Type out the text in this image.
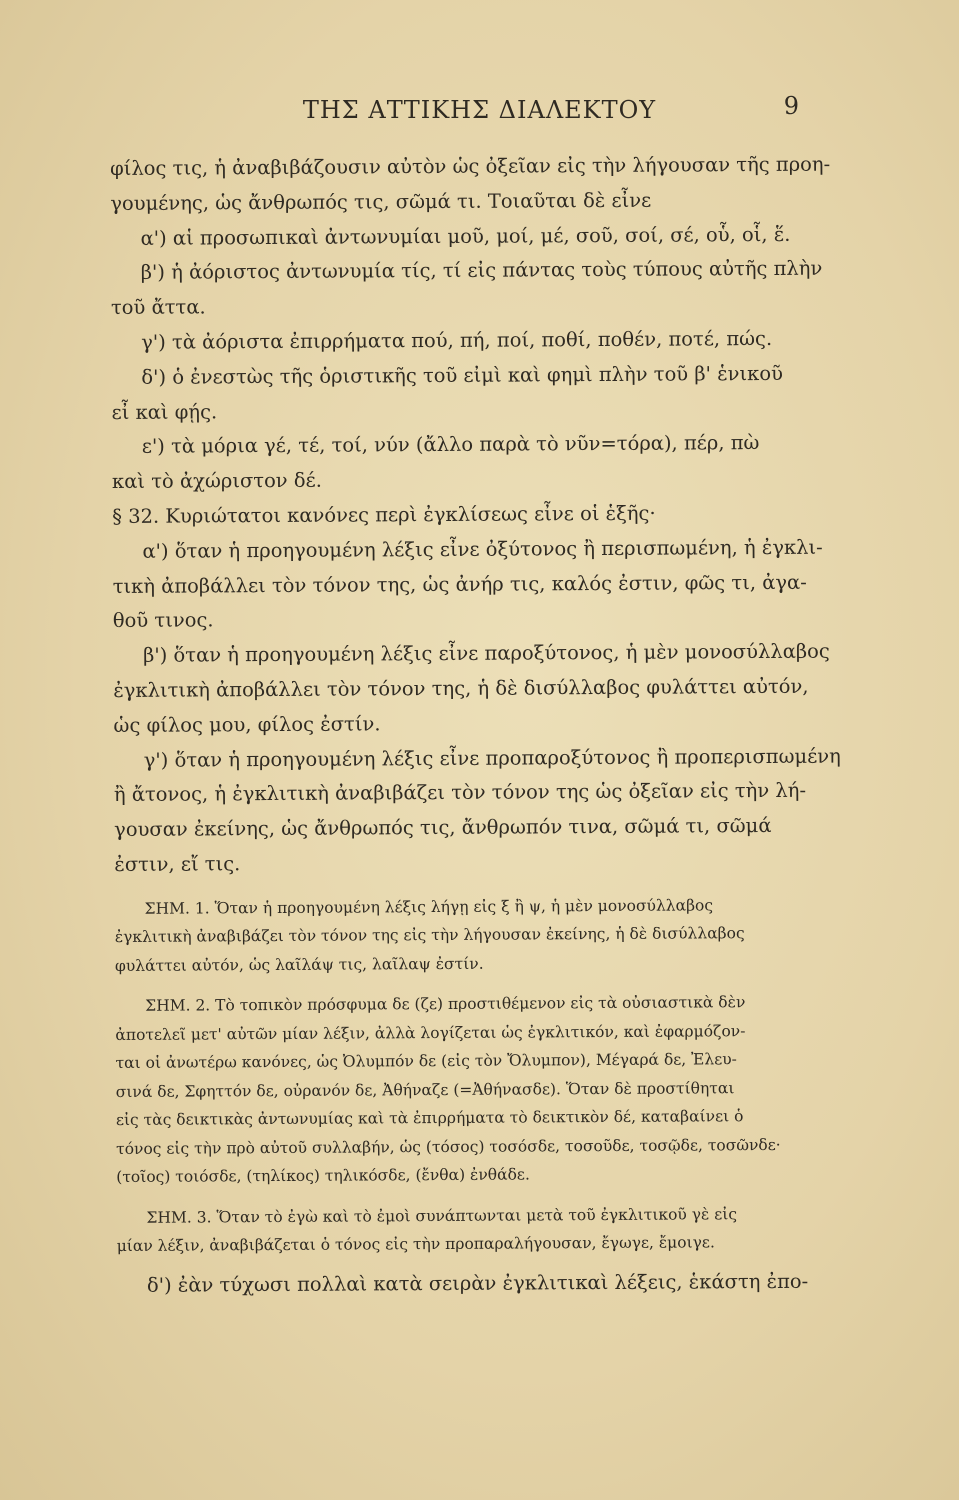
ΤΗΣ ΑΤΤΙΚΗΣ ΔΙΑΛΕΚΤΟΥ	9
φίλος τις, ἡ ἀναβιβάζουσιν αὐτὸν ὡς ὀξεῖαν εἰς τὴν λήγουσαν τῆς προη-
γουμένης, ὡς ἄνθρωπός τις, σῶμά τι. Τοιαῦται δὲ εἶνε
α') αἱ προσωπικαὶ ἀντωνυμίαι μοῦ, μοί, μέ, σοῦ, σοί, σέ, οὗ, οἷ, ἕ.
β') ἡ ἀόριστος ἀντωνυμία τίς, τί εἰς πάντας τοὺς τύπους αὐτῆς πλὴν
τοῦ ἄττα.
γ') τὰ ἀόριστα ἐπιρρήματα πού, πή, ποί, ποθί, ποθέν, ποτέ, πώς.
δ') ὁ ἐνεστὼς τῆς ὁριστικῆς τοῦ εἰμὶ καὶ φημὶ πλὴν τοῦ β' ἑνικοῦ
εἶ καὶ φῄς.
ε') τὰ μόρια γέ, τέ, τοί, νύν (ἄλλο παρὰ τὸ νῦν=τόρα), πέρ, πὼ
καὶ τὸ ἀχώριστον δέ.
§ 32. Κυριώτατοι κανόνες περὶ ἐγκλίσεως εἶνε οἱ ἑξῆς·
α') ὅταν ἡ προηγουμένη λέξις εἶνε ὀξύτονος ἢ περισπωμένη, ἡ ἐγκλι-
τικὴ ἀποβάλλει τὸν τόνον της, ὡς ἀνήρ τις, καλός ἐστιν, φῶς τι, ἀγα-
θοῦ τινος.
β') ὅταν ἡ προηγουμένη λέξις εἶνε παροξύτονος, ἡ μὲν μονοσύλλαβος
ἐγκλιτικὴ ἀποβάλλει τὸν τόνον της, ἡ δὲ δισύλλαβος φυλάττει αὐτόν,
ὡς φίλος μου, φίλος ἐστίν.
γ') ὅταν ἡ προηγουμένη λέξις εἶνε προπαροξύτονος ἢ προπερισπωμένη
ἢ ἄτονος, ἡ ἐγκλιτικὴ ἀναβιβάζει τὸν τόνον της ὡς ὀξεῖαν εἰς τὴν λή-
γουσαν ἐκείνης, ὡς ἄνθρωπός τις, ἄνθρωπόν τινα, σῶμά τι, σῶμά
ἐστιν, εἴ τις.
ΣΗΜ. 1. Ὅταν ἡ προηγουμένη λέξις λήγῃ εἰς ξ ἢ ψ, ἡ μὲν μονοσύλλαβος
ἐγκλιτικὴ ἀναβιβάζει τὸν τόνον της εἰς τὴν λήγουσαν ἐκείνης, ἡ δὲ δισύλλαβος
φυλάττει αὐτόν, ὡς λαῖλάψ τις, λαῖλαψ ἐστίν.
ΣΗΜ. 2. Τὸ τοπικὸν πρόσφυμα δε (ζε) προστιθέμενον εἰς τὰ οὐσιαστικὰ δὲν
ἀποτελεῖ μετ' αὐτῶν μίαν λέξιν, ἀλλὰ λογίζεται ὡς ἐγκλιτικόν, καὶ ἐφαρμόζον-
ται οἱ ἀνωτέρω κανόνες, ὡς Ὀλυμπόν δε (εἰς τὸν Ὄλυμπον), Μέγαρά δε, Ἐλευ-
σινά δε, Σφηττόν δε, οὐρανόν δε, Ἀθήναζε (=Ἀθήνασδε). Ὅταν δὲ προστίθηται
εἰς τὰς δεικτικὰς ἀντωνυμίας καὶ τὰ ἐπιρρήματα τὸ δεικτικὸν δέ, καταβαίνει ὁ
τόνος εἰς τὴν πρὸ αὐτοῦ συλλαβήν, ὡς (τόσος) τοσόσδε, τοσοῦδε, τοσῷδε, τοσῶνδε·
(τοῖος) τοιόσδε, (τηλίκος) τηλικόσδε, (ἔνθα) ἐνθάδε.
ΣΗΜ. 3. Ὅταν τὸ ἐγὼ καὶ τὸ ἐμοὶ συνάπτωνται μετὰ τοῦ ἐγκλιτικοῦ γὲ εἰς
μίαν λέξιν, ἀναβιβάζεται ὁ τόνος εἰς τὴν προπαραλήγουσαν, ἔγωγε, ἔμοιγε.
δ') ἐὰν τύχωσι πολλαὶ κατὰ σειρὰν ἐγκλιτικαὶ λέξεις, ἑκάστη ἐπο-
